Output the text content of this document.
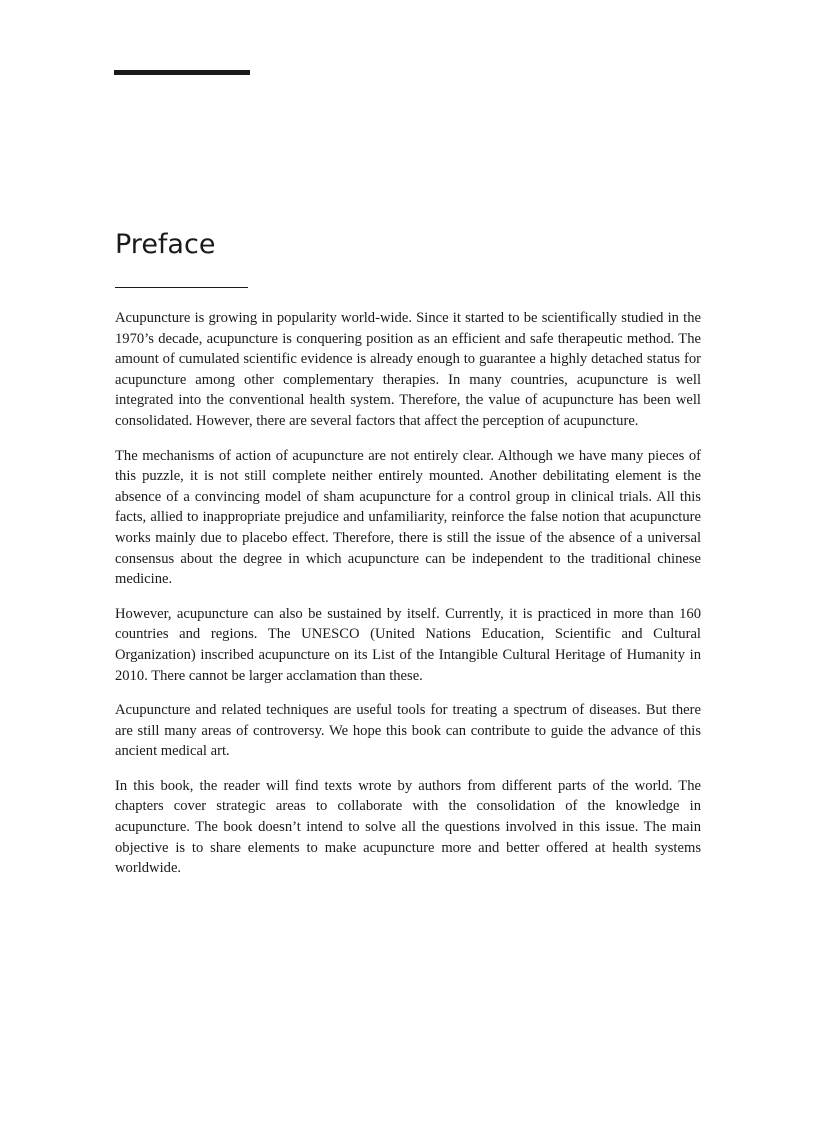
Preface

Acupuncture is growing in popularity world-wide. Since it started to be scientifically studied in the 1970’s decade, acupuncture is conquering position as an efficient and safe therapeutic method. The amount of cumulated scientific evidence is already enough to guarantee a highly detached status for acupuncture among other complementary therapies. In many countries, acupuncture is well integrated into the conventional health system. Therefore, the value of acupuncture has been well consolidated. However, there are several factors that affect the perception of acupuncture.

The mechanisms of action of acupuncture are not entirely clear. Although we have many pieces of this puzzle, it is not still complete neither entirely mounted. Another debilitating element is the absence of a convincing model of sham acupuncture for a control group in clinical trials. All this facts, allied to inappropriate prejudice and unfamiliarity, reinforce the false notion that acupuncture works mainly due to placebo effect. Therefore, there is still the issue of the absence of a universal consensus about the degree in which acupuncture can be independent to the traditional chinese medicine.

However, acupuncture can also be sustained by itself. Currently, it is practiced in more than 160 countries and regions. The UNESCO (United Nations Education, Scientific and Cultural Organization) inscribed acupuncture on its List of the Intangible Cultural Heritage of Humanity in 2010. There cannot be larger acclamation than these.

Acupuncture and related techniques are useful tools for treating a spectrum of diseases. But there are still many areas of controversy. We hope this book can contribute to guide the advance of this ancient medical art.

In this book, the reader will find texts wrote by authors from different parts of the world. The chapters cover strategic areas to collaborate with the consolidation of the knowledge in acupuncture. The book doesn’t intend to solve all the questions involved in this issue. The main objective is to share elements to make acupuncture more and better offered at health systems worldwide.
